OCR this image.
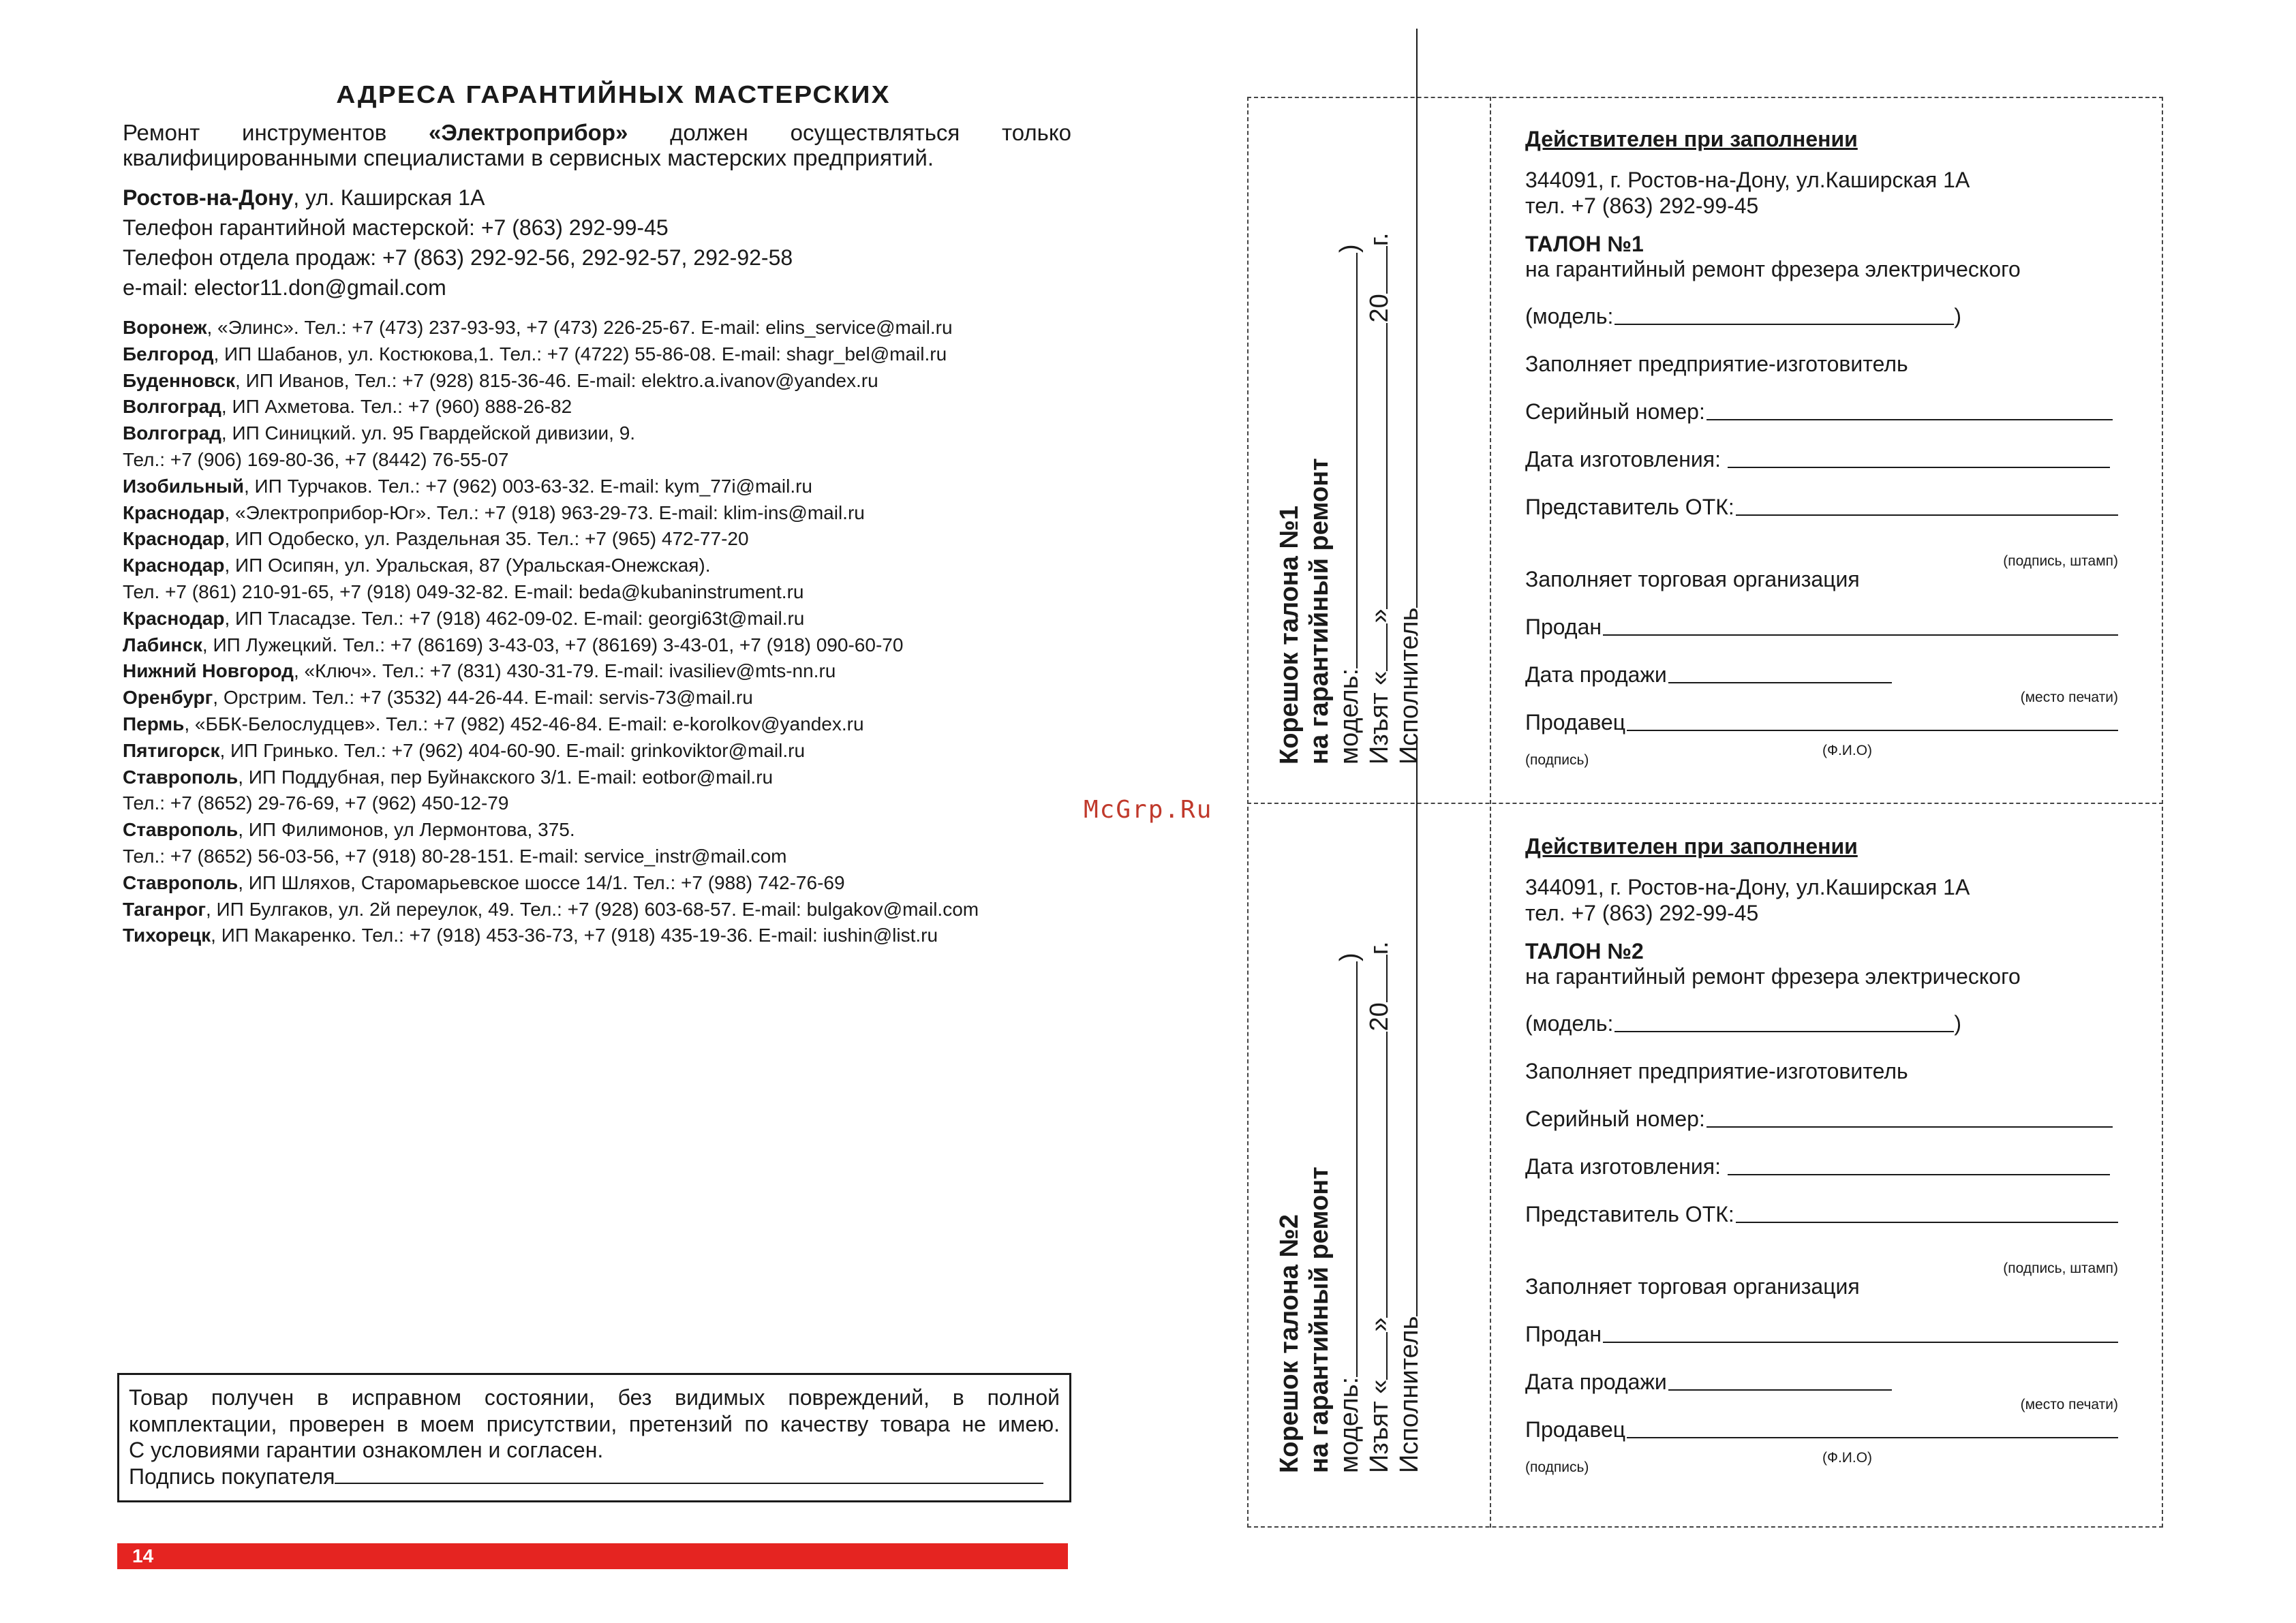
АДРЕСА ГАРАНТИЙНЫХ МАСТЕРСКИХ
Ремонт инструментов «Электроприбор» должен осуществляться только
квалифицированными специалистами в сервисных мастерских предприятий.
Ростов-на-Дону, ул. Каширская 1А
Телефон гарантийной мастерской: +7 (863) 292-99-45
Телефон отдела продаж: +7 (863) 292-92-56, 292-92-57, 292-92-58
e-mail: elector11.don@gmail.com
Воронеж, «Элинс». Тел.: +7 (473) 237-93-93, +7 (473) 226-25-67. E-mail: elins_service@mail.ru
Белгород, ИП Шабанов, ул. Костюкова,1. Тел.: +7 (4722) 55-86-08. E-mail: shagr_bel@mail.ru
Буденновск, ИП Иванов, Тел.: +7 (928) 815-36-46. E-mail: elektro.a.ivanov@yandex.ru
Волгоград, ИП Ахметова. Тел.: +7 (960) 888-26-82
Волгоград, ИП Синицкий. ул. 95 Гвардейской дивизии, 9.
Тел.: +7 (906) 169-80-36, +7 (8442) 76-55-07
Изобильный, ИП Турчаков. Тел.: +7 (962) 003-63-32. E-mail: kym_77i@mail.ru
Краснодар, «Электроприбор-Юг». Тел.: +7 (918) 963-29-73. E-mail: klim-ins@mail.ru
Краснодар, ИП Одобеско, ул. Раздельная 35. Тел.: +7 (965) 472-77-20
Краснодар, ИП Осипян, ул. Уральская, 87 (Уральская-Онежская).
Тел. +7 (861) 210-91-65, +7 (918) 049-32-82. E-mail: beda@kubaninstrument.ru
Краснодар, ИП Тласадзе. Тел.: +7 (918) 462-09-02. E-mail: georgi63t@mail.ru
Лабинск, ИП Лужецкий. Тел.: +7 (86169) 3-43-03, +7 (86169) 3-43-01, +7 (918) 090-60-70
Нижний Новгород, «Ключ». Тел.: +7 (831) 430-31-79. E-mail: ivasiliev@mts-nn.ru
Оренбург, Орстрим. Тел.: +7 (3532) 44-26-44. E-mail: servis-73@mail.ru
Пермь, «ББК-Белослудцев». Тел.: +7 (982) 452-46-84. E-mail: e-korolkov@yandex.ru
Пятигорск, ИП Гринько. Тел.: +7 (962) 404-60-90. E-mail: grinkoviktor@mail.ru
Ставрополь, ИП Поддубная, пер Буйнакского 3/1. E-mail: eotbor@mail.ru
Тел.: +7 (8652) 29-76-69, +7 (962) 450-12-79
Ставрополь, ИП Филимонов, ул Лермонтова, 375.
Тел.: +7 (8652) 56-03-56, +7 (918) 80-28-151. E-mail: service_instr@mail.com
Ставрополь, ИП Шляхов, Старомарьевское шоссе 14/1. Тел.: +7 (988) 742-76-69
Таганрог, ИП Булгаков, ул. 2й переулок, 49. Тел.: +7 (928) 603-68-57. E-mail: bulgakov@mail.com
Тихорецк, ИП Макаренко. Тел.: +7 (918) 453-36-73, +7 (918) 435-19-36. E-mail: iushin@list.ru
McGrp.Ru
Товар получен в исправном состоянии, без видимых повреждений, в полной
комплектации, проверен в моем присутствии, претензий по качеству товара не имею.
С условиями гарантии ознакомлен и согласен.
Подпись покупателя
14
Корешок талона №1 на гарантийный ремонт модель:)
Изъят «»20г.
Исполнитель
Корешок талона №2 на гарантийный ремонт модель:)
Изъят «»20г.
Исполнитель
Действителен при заполнении
344091, г. Ростов-на-Дону, ул.Каширская 1А
тел. +7 (863) 292-99-45
ТАЛОН №1
на гарантийный ремонт фрезера электрического
(модель:	)
Заполняет предприятие-изготовитель
Серийный номер:
Дата изготовления:
Представитель ОТК:
(подпись, штамп)
Заполняет торговая организация
Продан
Дата продажи
(место печати)
Продавец
(подпись)
(Ф.И.О)
Действителен при заполнении
344091, г. Ростов-на-Дону, ул.Каширская 1А
тел. +7 (863) 292-99-45
ТАЛОН №2
на гарантийный ремонт фрезера электрического
(модель:	)
Заполняет предприятие-изготовитель
Серийный номер:
Дата изготовления:
Представитель ОТК:
(подпись, штамп)
Заполняет торговая организация
Продан
Дата продажи
(место печати)
Продавец
(подпись)
(Ф.И.О)
